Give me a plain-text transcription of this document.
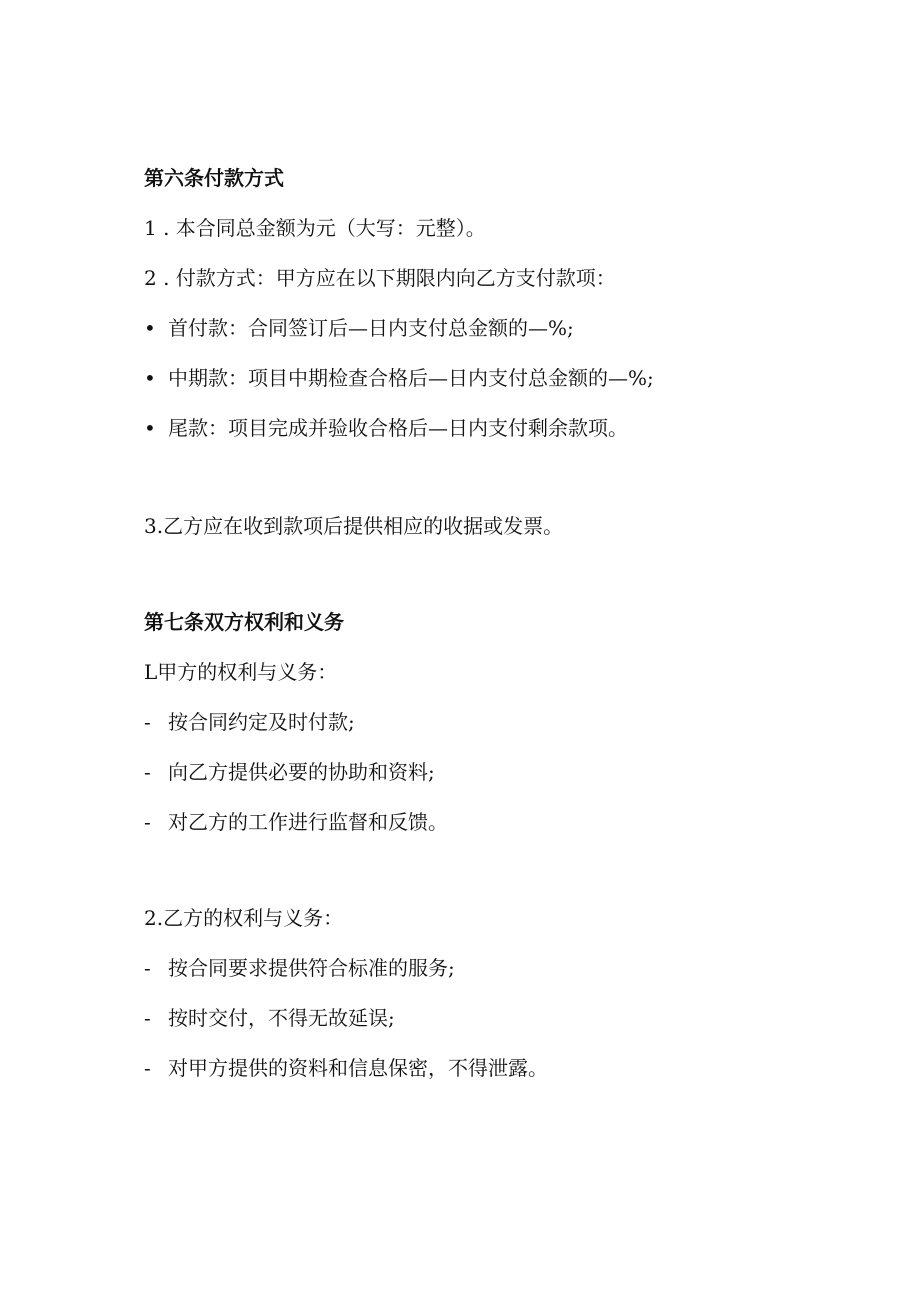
第六条付款方式

1 . 本合同总金额为元（大写：元整）。

2 . 付款方式：甲方应在以下期限内向乙方支付款项：

• 首付款：合同签订后—日内支付总金额的—%;
• 中期款：项目中期检查合格后—日内支付总金额的—%;
• 尾款：项目完成并验收合格后—日内支付剩余款项。

3.乙方应在收到款项后提供相应的收据或发票。

第七条双方权利和义务

L甲方的权利与义务：

- 按合同约定及时付款;
- 向乙方提供必要的协助和资料;
- 对乙方的工作进行监督和反馈。

2.乙方的权利与义务：

- 按合同要求提供符合标准的服务;
- 按时交付，不得无故延误;
- 对甲方提供的资料和信息保密，不得泄露。
